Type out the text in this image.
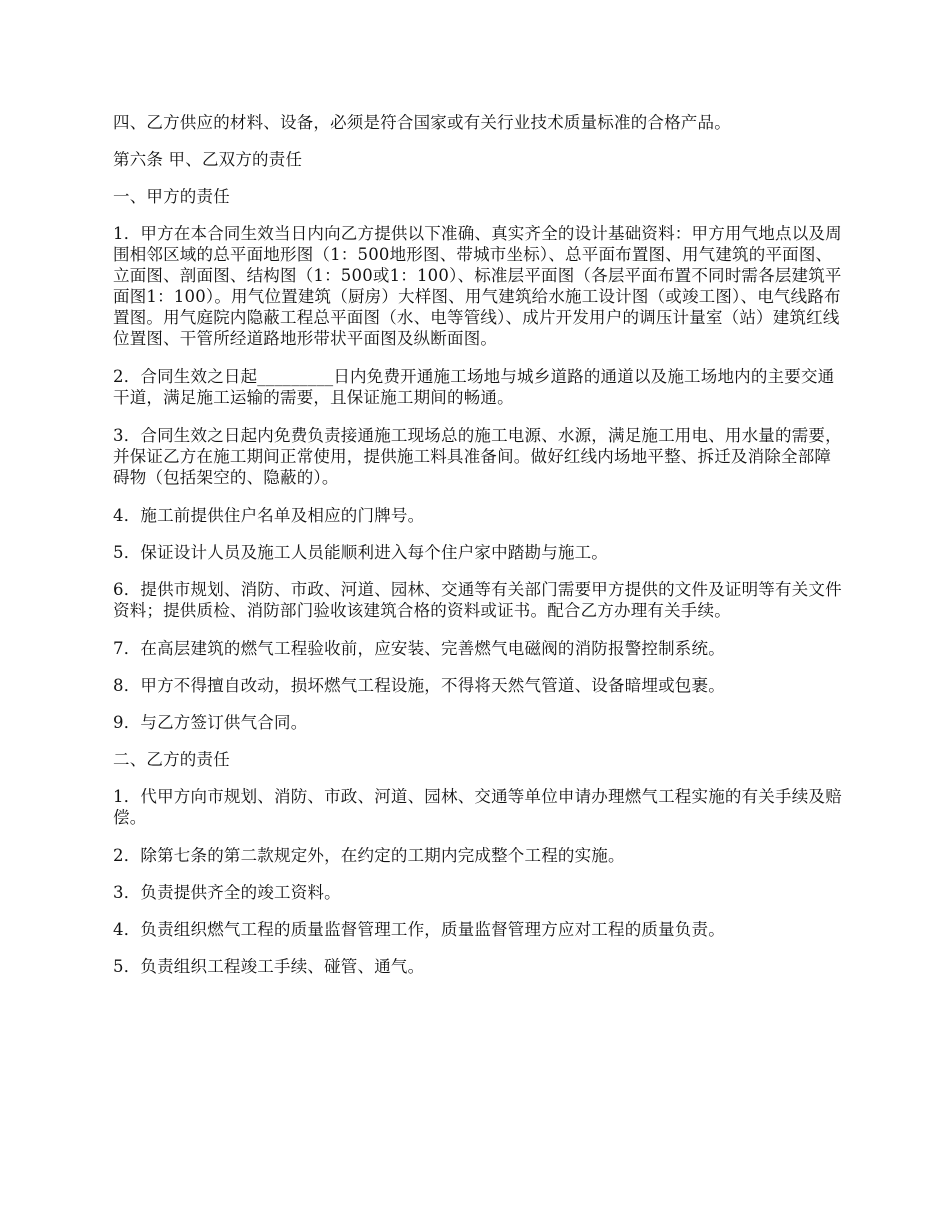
四、乙方供应的材料、设备，必须是符合国家或有关行业技术质量标准的合格产品。

第六条 甲、乙双方的责任

一、甲方的责任

1．甲方在本合同生效当日内向乙方提供以下准确、真实齐全的设计基础资料：甲方用气地点以及周围相邻区域的总平面地形图（1：500地形图、带城市坐标）、总平面布置图、用气建筑的平面图、立面图、剖面图、结构图（1：500或1：100）、标准层平面图（各层平面布置不同时需各层建筑平面图1：100）。用气位置建筑（厨房）大样图、用气建筑给水施工设计图（或竣工图）、电气线路布置图。用气庭院内隐蔽工程总平面图（水、电等管线）、成片开发用户的调压计量室（站）建筑红线位置图、干管所经道路地形带状平面图及纵断面图。

2．合同生效之日起_________日内免费开通施工场地与城乡道路的通道以及施工场地内的主要交通干道，满足施工运输的需要，且保证施工期间的畅通。

3．合同生效之日起内免费负责接通施工现场总的施工电源、水源，满足施工用电、用水量的需要，并保证乙方在施工期间正常使用，提供施工料具准备间。做好红线内场地平整、拆迁及消除全部障碍物（包括架空的、隐蔽的）。

4．施工前提供住户名单及相应的门牌号。

5．保证设计人员及施工人员能顺利进入每个住户家中踏勘与施工。

6．提供市规划、消防、市政、河道、园林、交通等有关部门需要甲方提供的文件及证明等有关文件资料；提供质检、消防部门验收该建筑合格的资料或证书。配合乙方办理有关手续。

7．在高层建筑的燃气工程验收前，应安装、完善燃气电磁阀的消防报警控制系统。

8．甲方不得擅自改动，损坏燃气工程设施，不得将天然气管道、设备暗埋或包裹。

9．与乙方签订供气合同。

二、乙方的责任

1．代甲方向市规划、消防、市政、河道、园林、交通等单位申请办理燃气工程实施的有关手续及赔偿。

2．除第七条的第二款规定外，在约定的工期内完成整个工程的实施。

3．负责提供齐全的竣工资料。

4．负责组织燃气工程的质量监督管理工作，质量监督管理方应对工程的质量负责。

5．负责组织工程竣工手续、碰管、通气。
